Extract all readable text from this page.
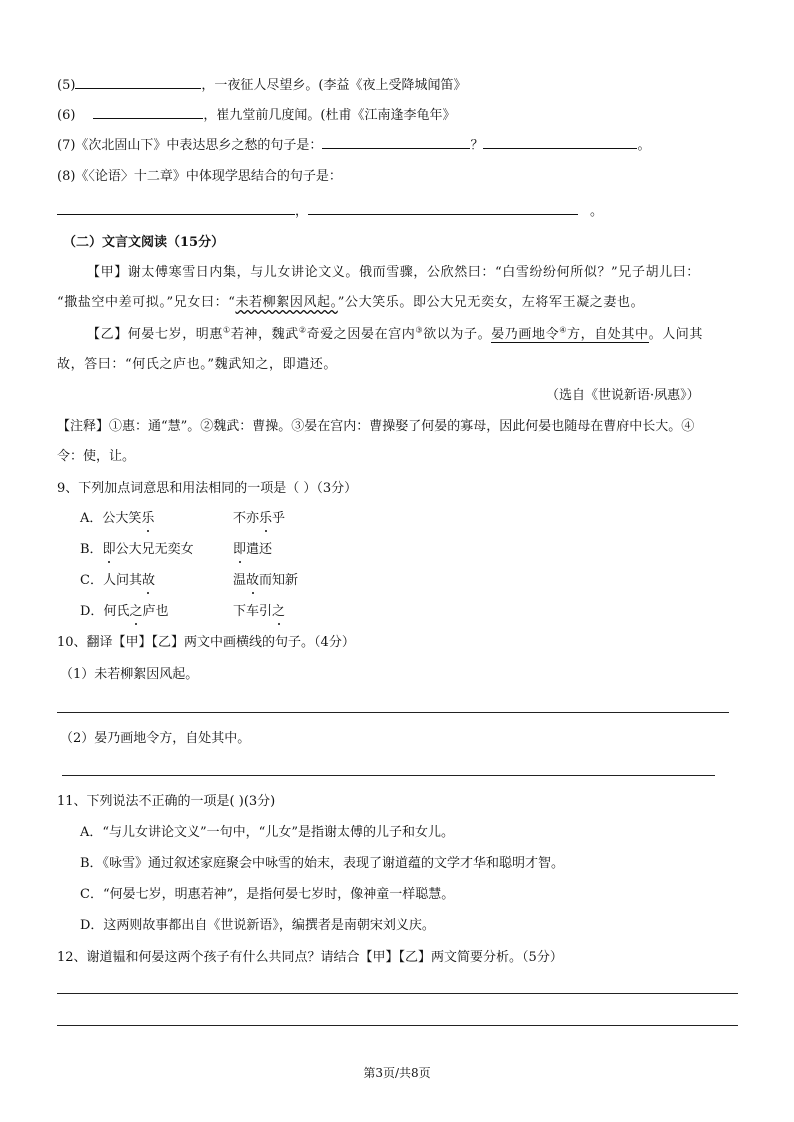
(5)	，一夜征人尽望乡。(李益《夜上受降城闻笛》
(6)	，崔九堂前几度闻。(杜甫《江南逢李龟年》
(7)《次北固山下》中表达思乡之愁的句子是：	？	。
(8)《〈论语〉十二章》中体现学思结合的句子是：
，	。
（二）文言文阅读（15分）
【甲】谢太傅寒雪日内集，与儿女讲论文义。俄而雪骤，公欣然曰：“白雪纷纷何所似？”兄子胡儿曰：
“撒盐空中差可拟。”兄女曰：“未若柳絮因风起。”公大笑乐。即公大兄无奕女，左将军王凝之妻也。
【乙】何晏七岁，明惠①若神，魏武②奇爱之因晏在宫内③欲以为子。晏乃画地令④方，自处其中。人问其
故，答曰：“何氏之庐也。”魏武知之，即遣还。
（选自《世说新语·夙惠》）
【注释】①惠：通“慧”。②魏武：曹操。③晏在宫内：曹操娶了何晏的寡母，因此何晏也随母在曹府中长大。④
令：使，让。
9、下列加点词意思和用法相同的一项是（ ）（3分）
A．公大笑乐	不亦乐乎
B．即公大兄无奕女	即遣还
C．人问其故	温故而知新
D．何氏之庐也	下车引之
10、翻译【甲】【乙】两文中画横线的句子。（4分）
（1）未若柳絮因风起。
（2）晏乃画地令方，自处其中。
11、下列说法不正确的一项是( )(3分)
A．“与儿女讲论文义”一句中，“儿女”是指谢太傅的儿子和女儿。
B．《咏雪》通过叙述家庭聚会中咏雪的始末，表现了谢道蕴的文学才华和聪明才智。
C．“何晏七岁，明惠若神”，是指何晏七岁时，像神童一样聪慧。
D．这两则故事都出自《世说新语》，编撰者是南朝宋刘义庆。
12、谢道韫和何晏这两个孩子有什么共同点？请结合【甲】【乙】两文简要分析。（5分）
第3页/共8页
